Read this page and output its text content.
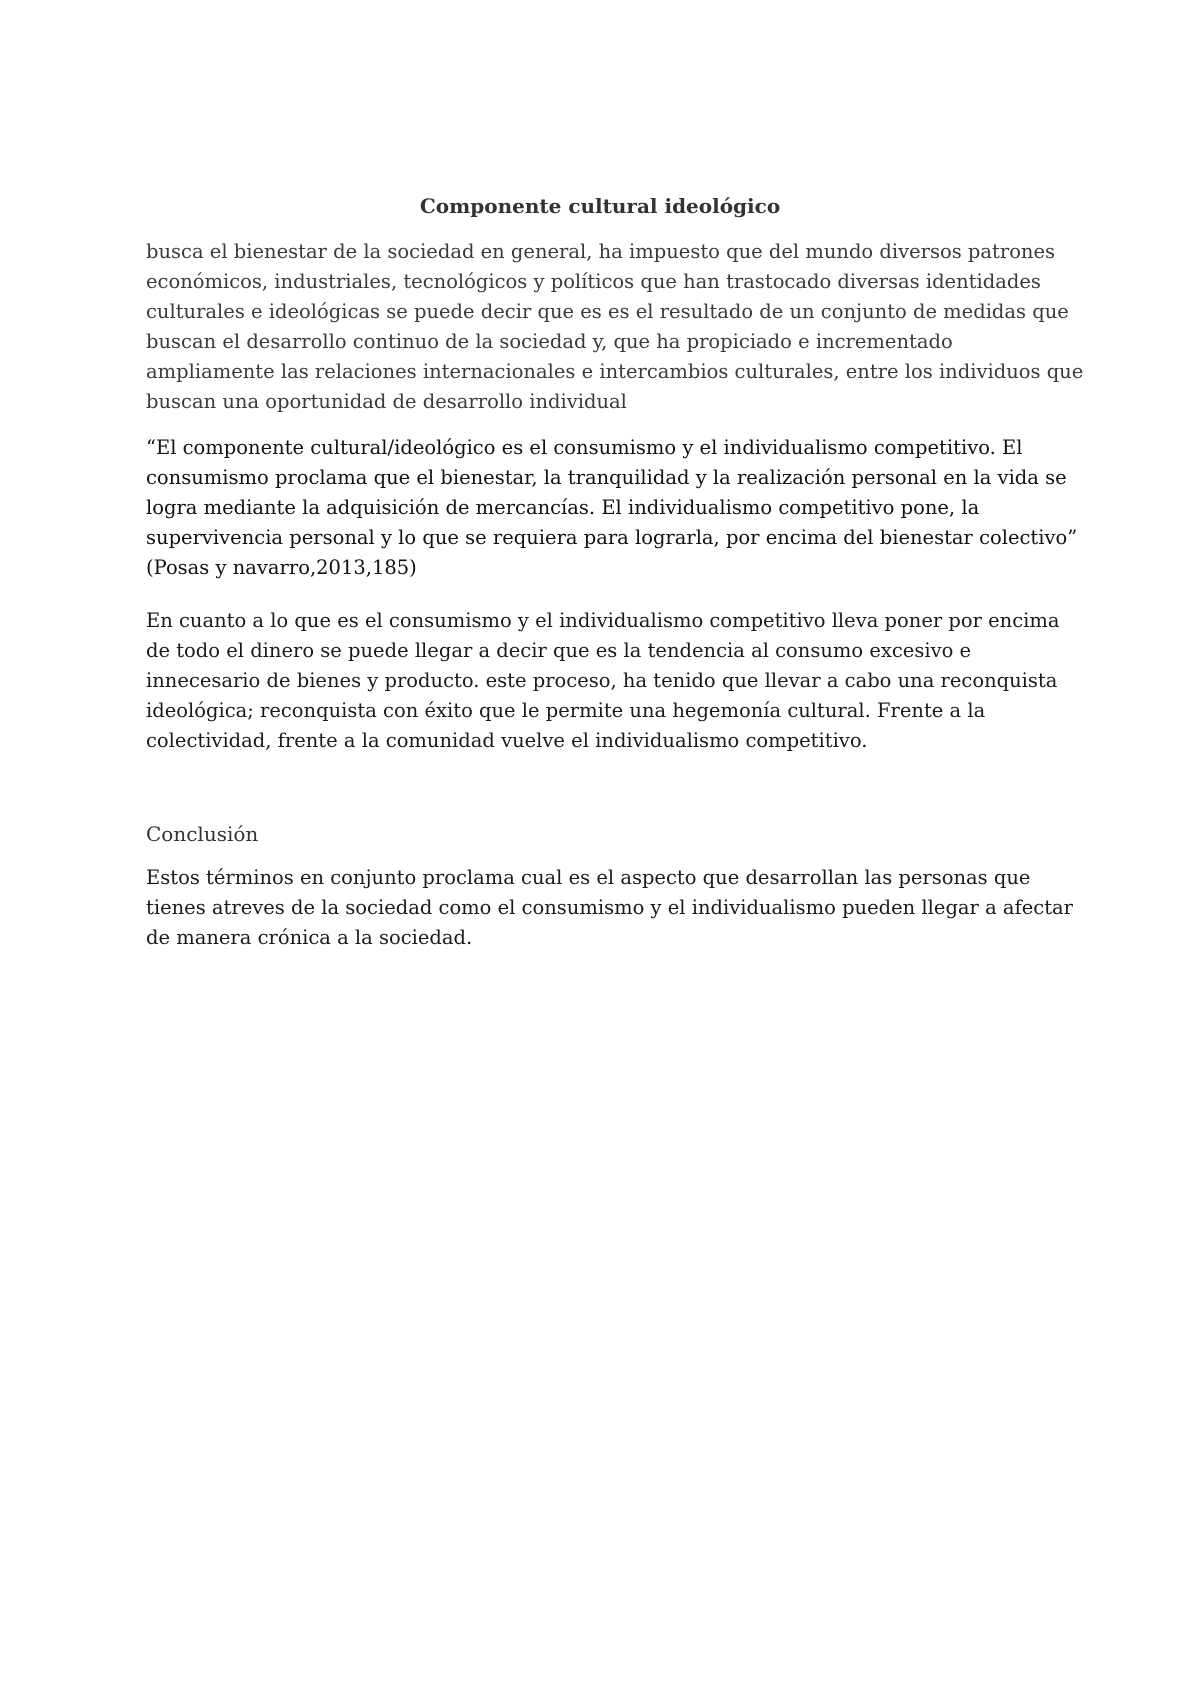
Componente cultural ideológico

busca el bienestar de la sociedad en general, ha impuesto que del mundo diversos patrones
económicos, industriales, tecnológicos y políticos que han trastocado diversas identidades
culturales e ideológicas se puede decir que es es el resultado de un conjunto de medidas que
buscan el desarrollo continuo de la sociedad y, que ha propiciado e incrementado
ampliamente las relaciones internacionales e intercambios culturales, entre los individuos que
buscan una oportunidad de desarrollo individual

“El componente cultural/ideológico es el consumismo y el individualismo competitivo. El
consumismo proclama que el bienestar, la tranquilidad y la realización personal en la vida se
logra mediante la adquisición de mercancías. El individualismo competitivo pone, la
supervivencia personal y lo que se requiera para lograrla, por encima del bienestar colectivo”
(Posas y navarro,2013,185)

En cuanto a lo que es el consumismo y el individualismo competitivo lleva poner por encima
de todo el dinero se puede llegar a decir que es la tendencia al consumo excesivo e
innecesario de bienes y producto. este proceso, ha tenido que llevar a cabo una reconquista
ideológica; reconquista con éxito que le permite una hegemonía cultural. Frente a la
colectividad, frente a la comunidad vuelve el individualismo competitivo.

Conclusión

Estos términos en conjunto proclama cual es el aspecto que desarrollan las personas que
tienes atreves de la sociedad como el consumismo y el individualismo pueden llegar a afectar
de manera crónica a la sociedad.
